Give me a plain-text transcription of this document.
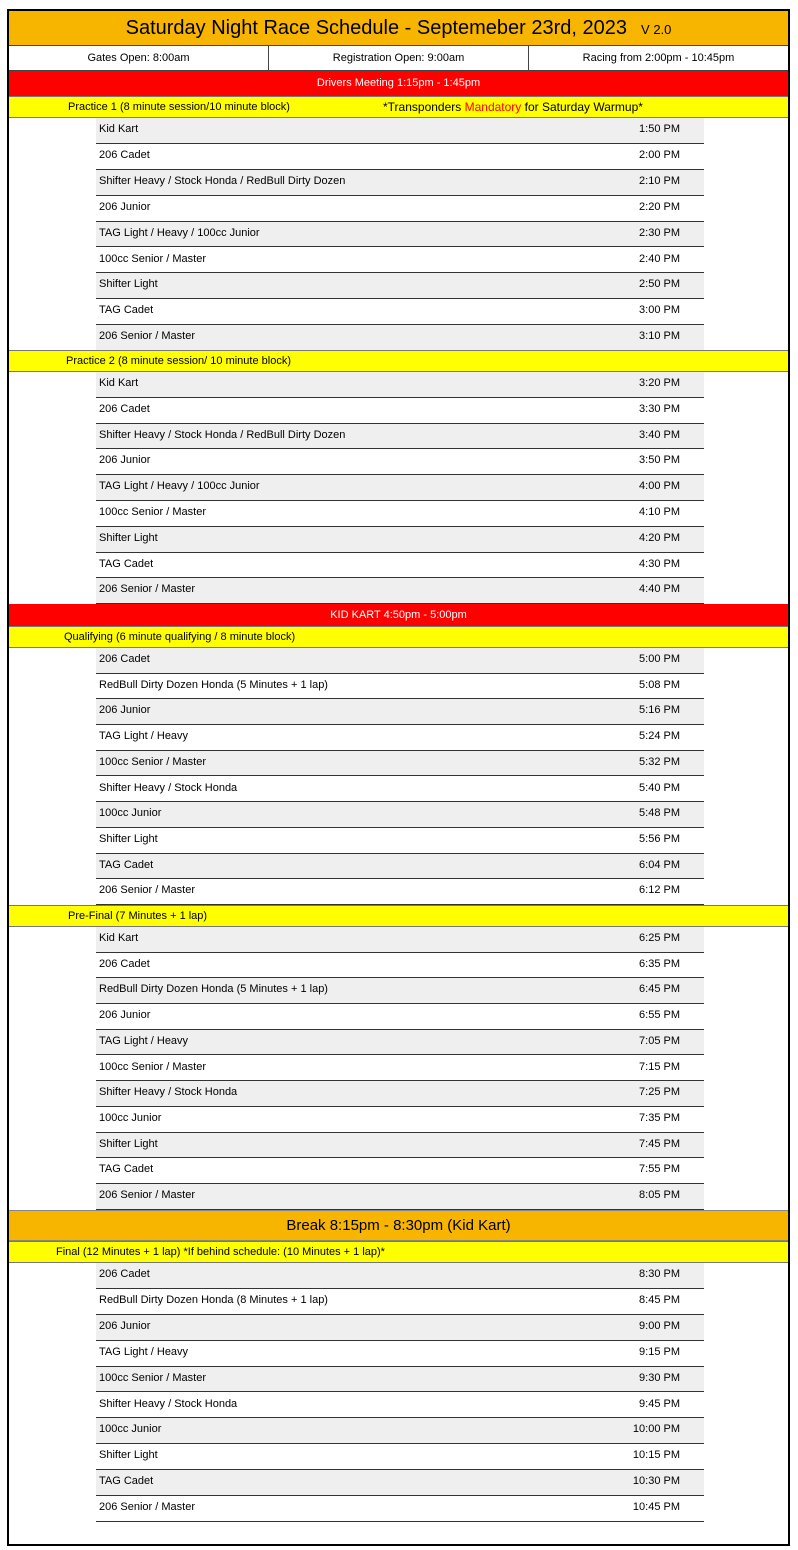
Saturday Night Race Schedule - Septemeber 23rd, 2023 V 2.0
Gates Open: 8:00am	Registration Open: 9:00am	Racing from 2:00pm - 10:45pm
Drivers Meeting 1:15pm - 1:45pm
Practice 1 (8 minute session/10 minute block)	*Transponders Mandatory for Saturday Warmup*
Kid Kart	1:50 PM
206 Cadet	2:00 PM
Shifter Heavy / Stock Honda / RedBull Dirty Dozen	2:10 PM
206 Junior	2:20 PM
TAG Light / Heavy / 100cc Junior	2:30 PM
100cc Senior / Master	2:40 PM
Shifter Light	2:50 PM
TAG Cadet	3:00 PM
206 Senior / Master	3:10 PM
Practice 2 (8 minute session/ 10 minute block)
Kid Kart	3:20 PM
206 Cadet	3:30 PM
Shifter Heavy / Stock Honda / RedBull Dirty Dozen	3:40 PM
206 Junior	3:50 PM
TAG Light / Heavy / 100cc Junior	4:00 PM
100cc Senior / Master	4:10 PM
Shifter Light	4:20 PM
TAG Cadet	4:30 PM
206 Senior / Master	4:40 PM
KID KART 4:50pm - 5:00pm
Qualifying (6 minute qualifying / 8 minute block)
206 Cadet	5:00 PM
RedBull Dirty Dozen Honda (5 Minutes + 1 lap)	5:08 PM
206 Junior	5:16 PM
TAG Light / Heavy	5:24 PM
100cc Senior / Master	5:32 PM
Shifter Heavy / Stock Honda	5:40 PM
100cc Junior	5:48 PM
Shifter Light	5:56 PM
TAG Cadet	6:04 PM
206 Senior / Master	6:12 PM
Pre-Final (7 Minutes + 1 lap)
Kid Kart	6:25 PM
206 Cadet	6:35 PM
RedBull Dirty Dozen Honda (5 Minutes + 1 lap)	6:45 PM
206 Junior	6:55 PM
TAG Light / Heavy	7:05 PM
100cc Senior / Master	7:15 PM
Shifter Heavy / Stock Honda	7:25 PM
100cc Junior	7:35 PM
Shifter Light	7:45 PM
TAG Cadet	7:55 PM
206 Senior / Master	8:05 PM
Break 8:15pm - 8:30pm (Kid Kart)
Final (12 Minutes + 1 lap) *If behind schedule: (10 Minutes + 1 lap)*
206 Cadet	8:30 PM
RedBull Dirty Dozen Honda (8 Minutes + 1 lap)	8:45 PM
206 Junior	9:00 PM
TAG Light / Heavy	9:15 PM
100cc Senior / Master	9:30 PM
Shifter Heavy / Stock Honda	9:45 PM
100cc Junior	10:00 PM
Shifter Light	10:15 PM
TAG Cadet	10:30 PM
206 Senior / Master	10:45 PM
